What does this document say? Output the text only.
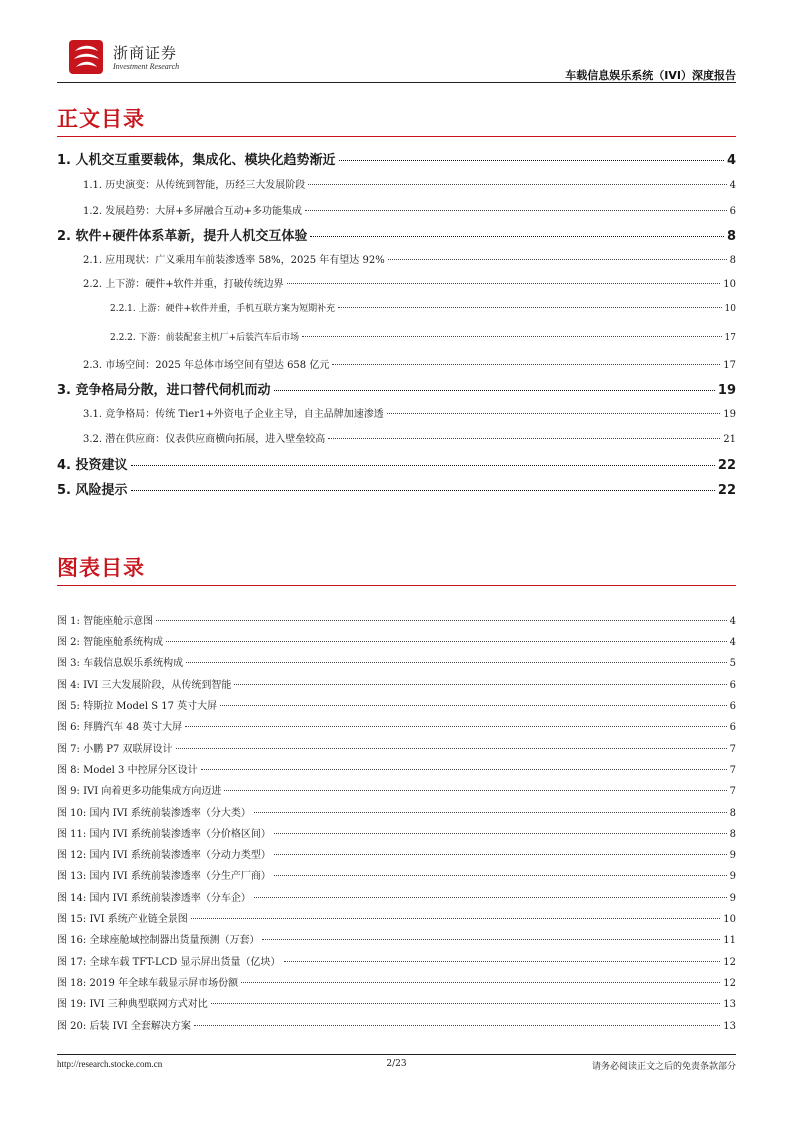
浙商证券
Investment Research
车载信息娱乐系统（IVI）深度报告
正文目录
1. 人机交互重要载体，集成化、模块化趋势渐近	4
1.1. 历史演变：从传统到智能，历经三大发展阶段	4
1.2. 发展趋势：大屏+多屏融合互动+多功能集成	6
2. 软件+硬件体系革新，提升人机交互体验	8
2.1. 应用现状：广义乘用车前装渗透率 58%，2025 年有望达 92%	8
2.2. 上下游：硬件+软件并重，打破传统边界	10
2.2.1. 上游：硬件+软件并重，手机互联方案为短期补充	10
2.2.2. 下游：前装配套主机厂+后装汽车后市场	17
2.3. 市场空间：2025 年总体市场空间有望达 658 亿元	17
3. 竞争格局分散，进口替代伺机而动	19
3.1. 竞争格局：传统 Tier1+外资电子企业主导，自主品牌加速渗透	19
3.2. 潜在供应商：仪表供应商横向拓展，进入壁垒较高	21
4. 投资建议	22
5. 风险提示	22
图表目录
图 1: 智能座舱示意图	4
图 2: 智能座舱系统构成	4
图 3: 车载信息娱乐系统构成	5
图 4: IVI 三大发展阶段，从传统到智能	6
图 5: 特斯拉 Model S 17 英寸大屏	6
图 6: 拜腾汽车 48 英寸大屏	6
图 7: 小鹏 P7 双联屏设计	7
图 8: Model 3 中控屏分区设计	7
图 9: IVI 向着更多功能集成方向迈进	7
图 10: 国内 IVI 系统前装渗透率（分大类）	8
图 11: 国内 IVI 系统前装渗透率（分价格区间）	8
图 12: 国内 IVI 系统前装渗透率（分动力类型）	9
图 13: 国内 IVI 系统前装渗透率（分生产厂商）	9
图 14: 国内 IVI 系统前装渗透率（分车企）	9
图 15: IVI 系统产业链全景图	10
图 16: 全球座舱域控制器出货量预测（万套）	11
图 17: 全球车载 TFT-LCD 显示屏出货量（亿块）	12
图 18: 2019 年全球车载显示屏市场份额	12
图 19: IVI 三种典型联网方式对比	13
图 20: 后装 IVI 全套解决方案	13
http://research.stocke.com.cn	2/23	请务必阅读正文之后的免责条款部分
